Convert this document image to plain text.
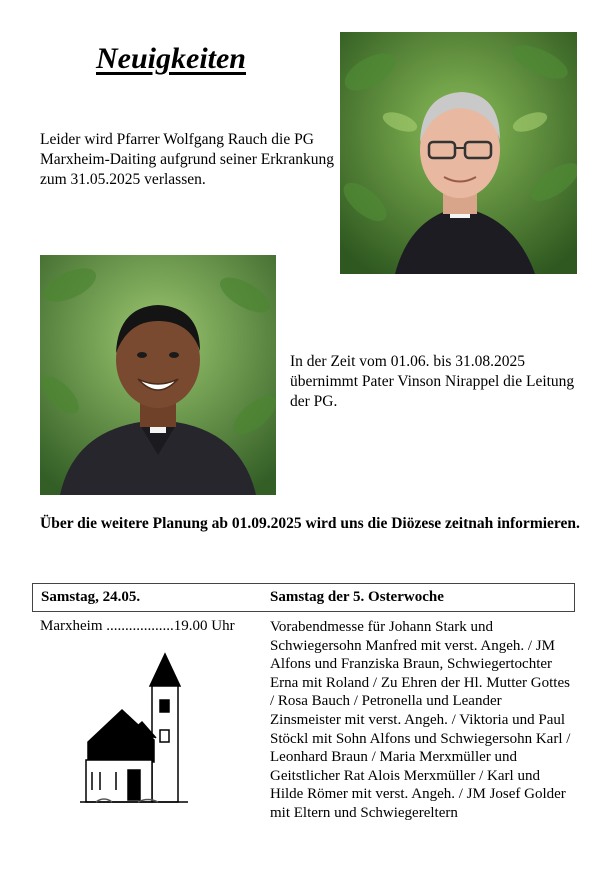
Neuigkeiten
Leider wird Pfarrer Wolfgang Rauch die PG Marxheim-Daiting aufgrund seiner Erkrankung zum 31.05.2025 verlassen.
In der Zeit vom 01.06. bis 31.08.2025 übernimmt Pater Vinson Nirappel die Leitung der PG.
Über die weitere Planung ab 01.09.2025 wird uns die Diözese zeitnah informieren.
Samstag, 24.05.	Samstag der 5. Osterwoche
Marxheim ..................19.00 Uhr Vorabendmesse für Johann Stark und Schwiegersohn Manfred mit verst. Angeh. / JM Alfons und Franziska Braun, Schwiegertochter Erna mit Roland / Zu Ehren der Hl. Mutter Gottes / Rosa Bauch / Petronella und Leander Zinsmeister mit verst. Angeh. / Viktoria und Paul Stöckl mit Sohn Alfons und Schwiegersohn Karl / Leonhard Braun / Maria Merxmüller und Geitstlicher Rat Alois Merxmüller / Karl und Hilde Römer mit verst. Angeh. / JM Josef Golder mit Eltern und Schwiegereltern
